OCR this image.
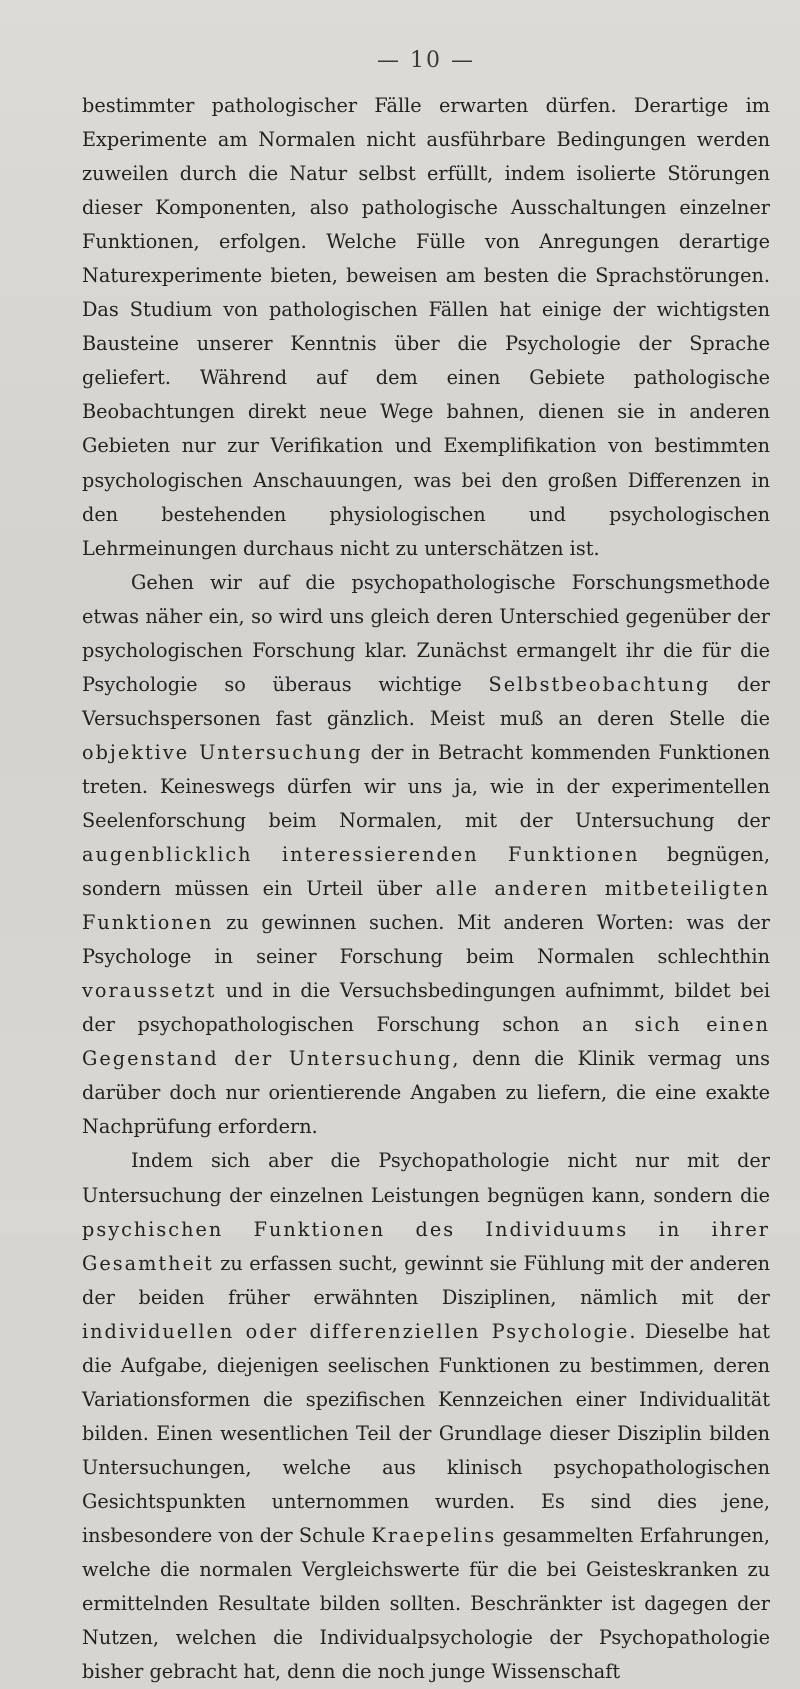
— 10 —

bestimmter pathologischer Fälle erwarten dürfen. Derartige im Experimente am Normalen nicht ausführbare Bedingungen werden zuweilen durch die Natur selbst erfüllt, indem isolierte Störungen dieser Komponenten, also pathologische Ausschaltungen einzelner Funktionen, erfolgen. Welche Fülle von Anregungen derartige Naturexperimente bieten, beweisen am besten die Sprachstörungen. Das Studium von pathologischen Fällen hat einige der wichtigsten Bausteine unserer Kenntnis über die Psychologie der Sprache geliefert. Während auf dem einen Gebiete pathologische Beobachtungen direkt neue Wege bahnen, dienen sie in anderen Gebieten nur zur Verifikation und Exemplifikation von bestimmten psychologischen Anschauungen, was bei den großen Differenzen in den bestehenden physiologischen und psychologischen Lehrmeinungen durchaus nicht zu unterschätzen ist.

Gehen wir auf die psychopathologische Forschungsmethode etwas näher ein, so wird uns gleich deren Unterschied gegenüber der psychologischen Forschung klar. Zunächst ermangelt ihr die für die Psychologie so überaus wichtige Selbstbeobachtung der Versuchspersonen fast gänzlich. Meist muß an deren Stelle die objektive Untersuchung der in Betracht kommenden Funktionen treten. Keineswegs dürfen wir uns ja, wie in der experimentellen Seelenforschung beim Normalen, mit der Untersuchung der augenblicklich interessierenden Funktionen begnügen, sondern müssen ein Urteil über alle anderen mitbeteiligten Funktionen zu gewinnen suchen. Mit anderen Worten: was der Psychologe in seiner Forschung beim Normalen schlechthin voraussetzt und in die Versuchsbedingungen aufnimmt, bildet bei der psychopathologischen Forschung schon an sich einen Gegenstand der Untersuchung, denn die Klinik vermag uns darüber doch nur orientierende Angaben zu liefern, die eine exakte Nachprüfung erfordern.

Indem sich aber die Psychopathologie nicht nur mit der Untersuchung der einzelnen Leistungen begnügen kann, sondern die psychischen Funktionen des Individuums in ihrer Gesamtheit zu erfassen sucht, gewinnt sie Fühlung mit der anderen der beiden früher erwähnten Disziplinen, nämlich mit der individuellen oder differenziellen Psychologie. Dieselbe hat die Aufgabe, diejenigen seelischen Funktionen zu bestimmen, deren Variationsformen die spezifischen Kennzeichen einer Individualität bilden. Einen wesentlichen Teil der Grundlage dieser Disziplin bilden Untersuchungen, welche aus klinisch psychopathologischen Gesichtspunkten unternommen wurden. Es sind dies jene, insbesondere von der Schule Kraepelins gesammelten Erfahrungen, welche die normalen Vergleichswerte für die bei Geisteskranken zu ermittelnden Resultate bilden sollten. Beschränkter ist dagegen der Nutzen, welchen die Individualpsychologie der Psychopathologie bisher gebracht hat, denn die noch junge Wissenschaft
